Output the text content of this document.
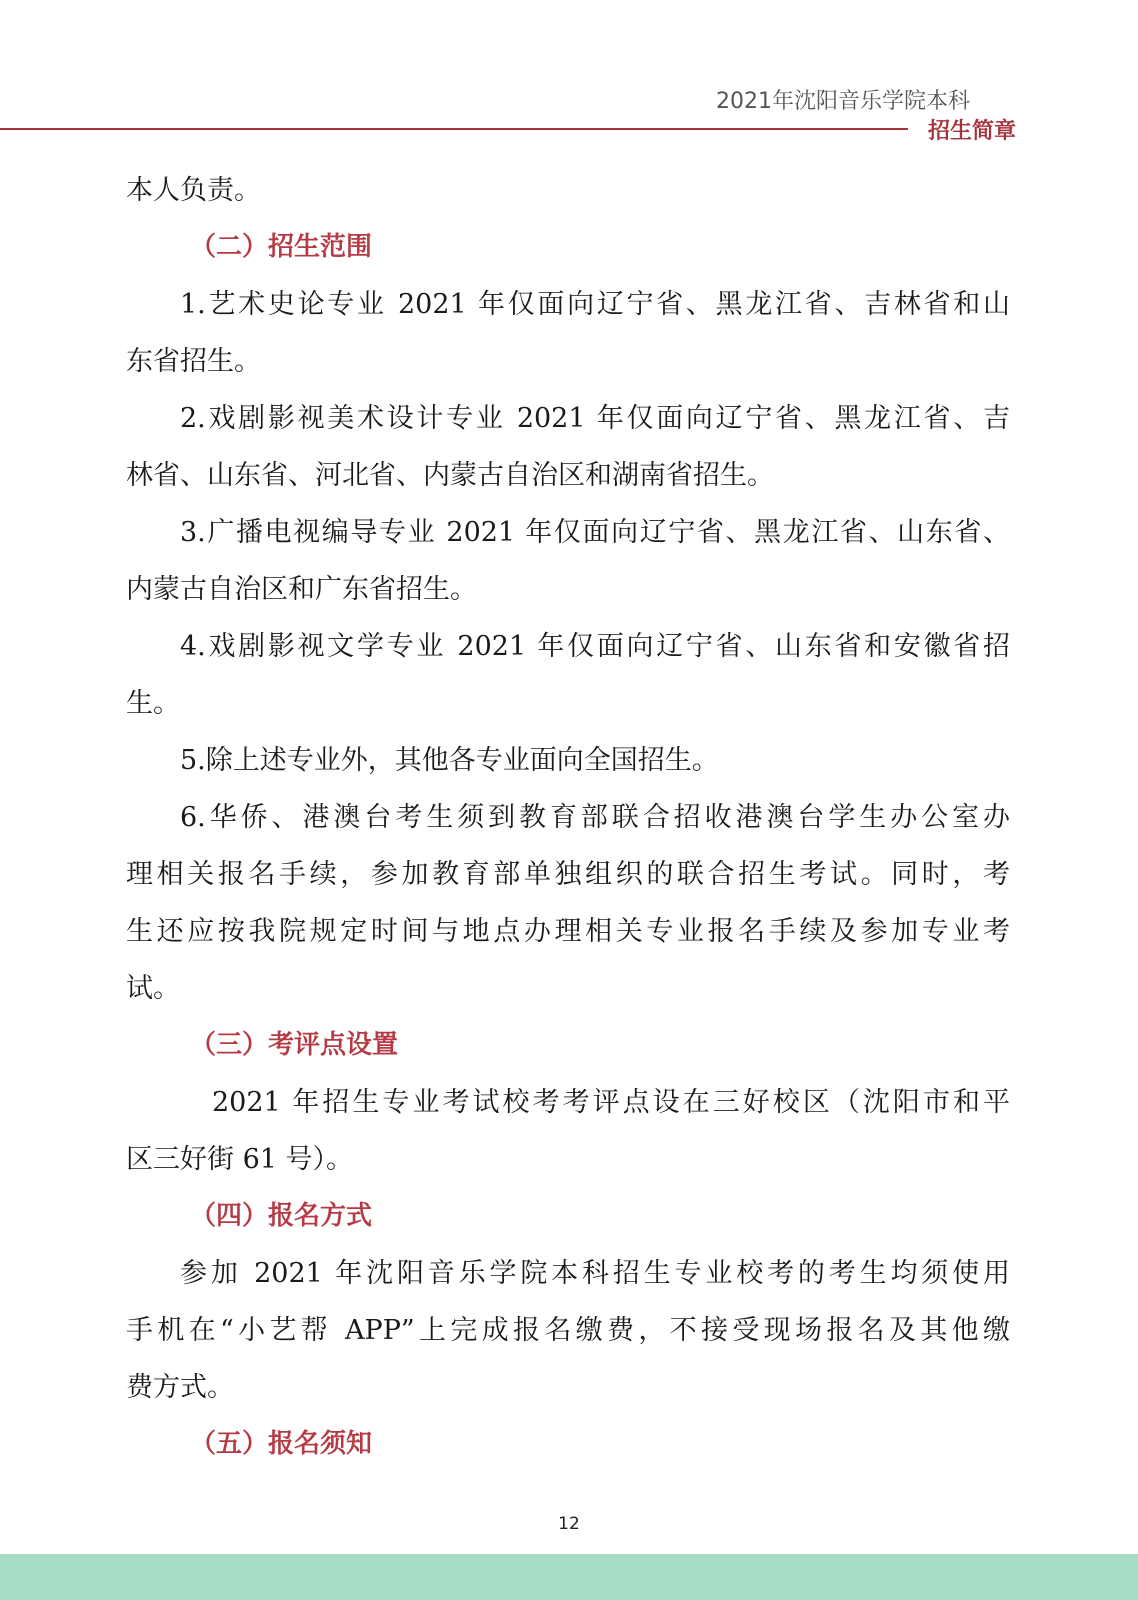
2021年沈阳音乐学院本科
招生简章
本人负责。
（二）招生范围
1.艺术史论专业 2021 年仅面向辽宁省、黑龙江省、吉林省和山
东省招生。
2.戏剧影视美术设计专业 2021 年仅面向辽宁省、黑龙江省、吉
林省、山东省、河北省、内蒙古自治区和湖南省招生。
3.广播电视编导专业 2021 年仅面向辽宁省、黑龙江省、山东省、
内蒙古自治区和广东省招生。
4.戏剧影视文学专业 2021 年仅面向辽宁省、山东省和安徽省招
生。
5.除上述专业外，其他各专业面向全国招生。
6.华侨、港澳台考生须到教育部联合招收港澳台学生办公室办
理相关报名手续，参加教育部单独组织的联合招生考试。同时，考
生还应按我院规定时间与地点办理相关专业报名手续及参加专业考
试。
（三）考评点设置
2021 年招生专业考试校考考评点设在三好校区（沈阳市和平
区三好街 61 号）。
（四）报名方式
参加 2021 年沈阳音乐学院本科招生专业校考的考生均须使用
手机在“小艺帮 APP”上完成报名缴费，不接受现场报名及其他缴
费方式。
（五）报名须知
12
